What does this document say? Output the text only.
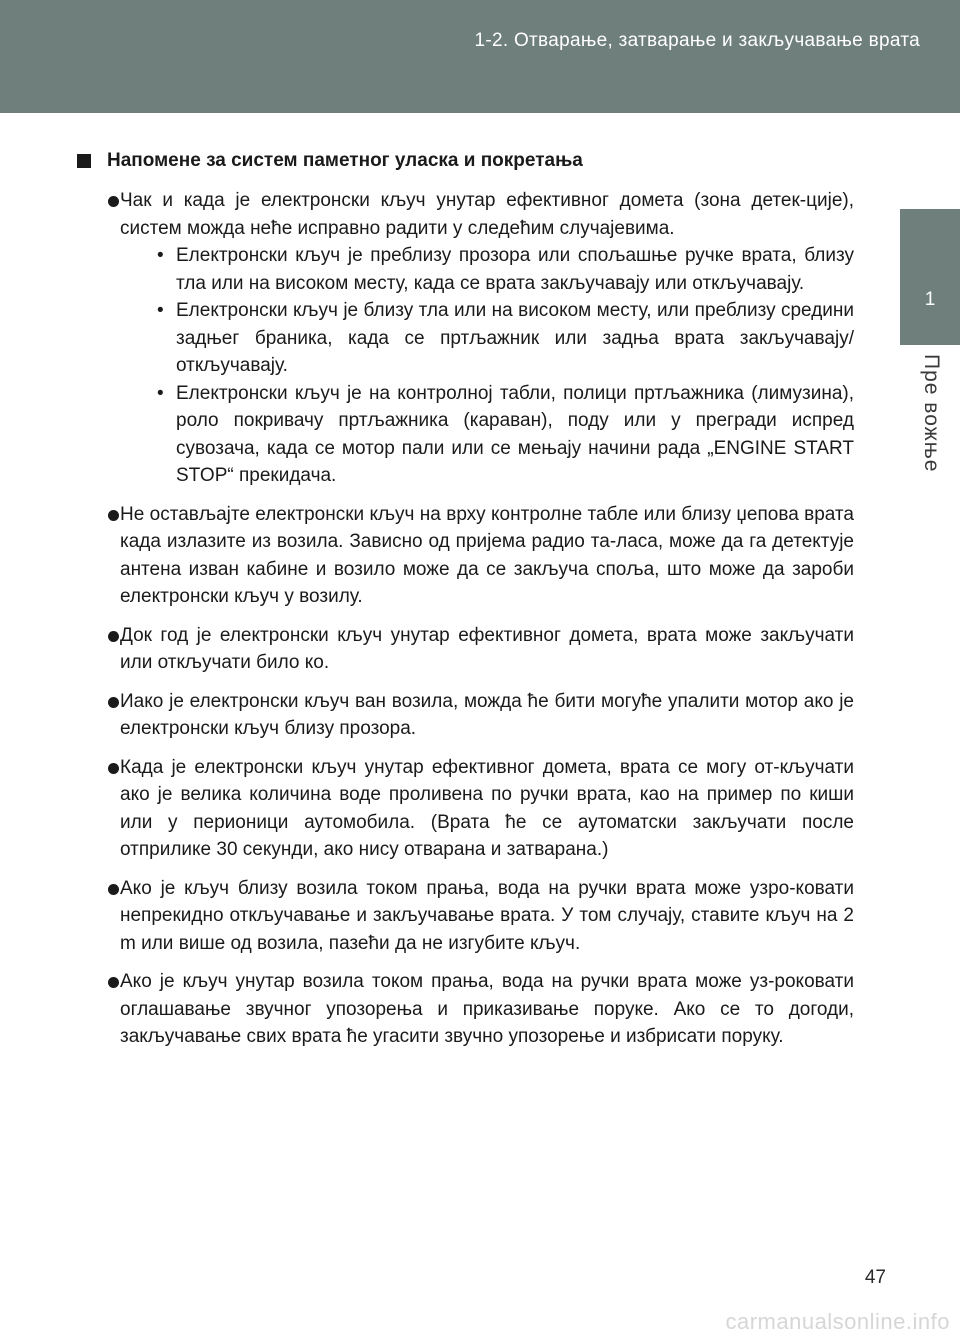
1-2. Отварање, затварање и закључавање врата
1
Пре вожње
Напомене за систем паметног уласка и покретања
Чак и када је електронски кључ унутар ефективног домета (зона детек-ције), систем можда неће исправно радити у следећим случајевима.
• Електронски кључ је преблизу прозора или спољашње ручке врата, близу тла или на високом месту, када се врата закључавају или откључавају.
• Електронски кључ је близу тла или на високом месту, или преблизу средини задњег браника, када се пртљажник или задња врата закључавају/откључавају.
• Електронски кључ је на контролној табли, полици пртљажника (лимузина), роло покривачу пртљажника (караван), поду или у прегради испред сувозача, када се мотор пали или се мењају начини рада „ENGINE START STOP“ прекидача.
Не остављајте електронски кључ на врху контролне табле или близу џепова врата када излазите из возила. Зависно од пријема радио та-ласа, може да га детектује антена изван кабине и возило може да се закључа споља, што може да зароби електронски кључ у возилу.
Док год је електронски кључ унутар ефективног домета, врата може закључати или откључати било ко.
Иако је електронски кључ ван возила, можда ће бити могуће упалити мотор ако је електронски кључ близу прозора.
Када је електронски кључ унутар ефективног домета, врата се могу от-кључати ако је велика количина воде проливена по ручки врата, као на пример по киши или у перионици аутомобила. (Врата ће се аутоматски закључати после отприлике 30 секунди, ако нису отварана и затварана.)
Ако је кључ близу возила током прања, вода на ручки врата може узро-ковати непрекидно откључавање и закључавање врата. У том случају, ставите кључ на 2 m или више од возила, пазећи да не изгубите кључ.
Ако је кључ унутар возила током прања, вода на ручки врата може уз-роковати оглашавање звучног упозорења и приказивање поруке. Ако се то догоди, закључавање свих врата ће угасити звучно упозорење и избрисати поруку.
47
carmanualsonline.info
